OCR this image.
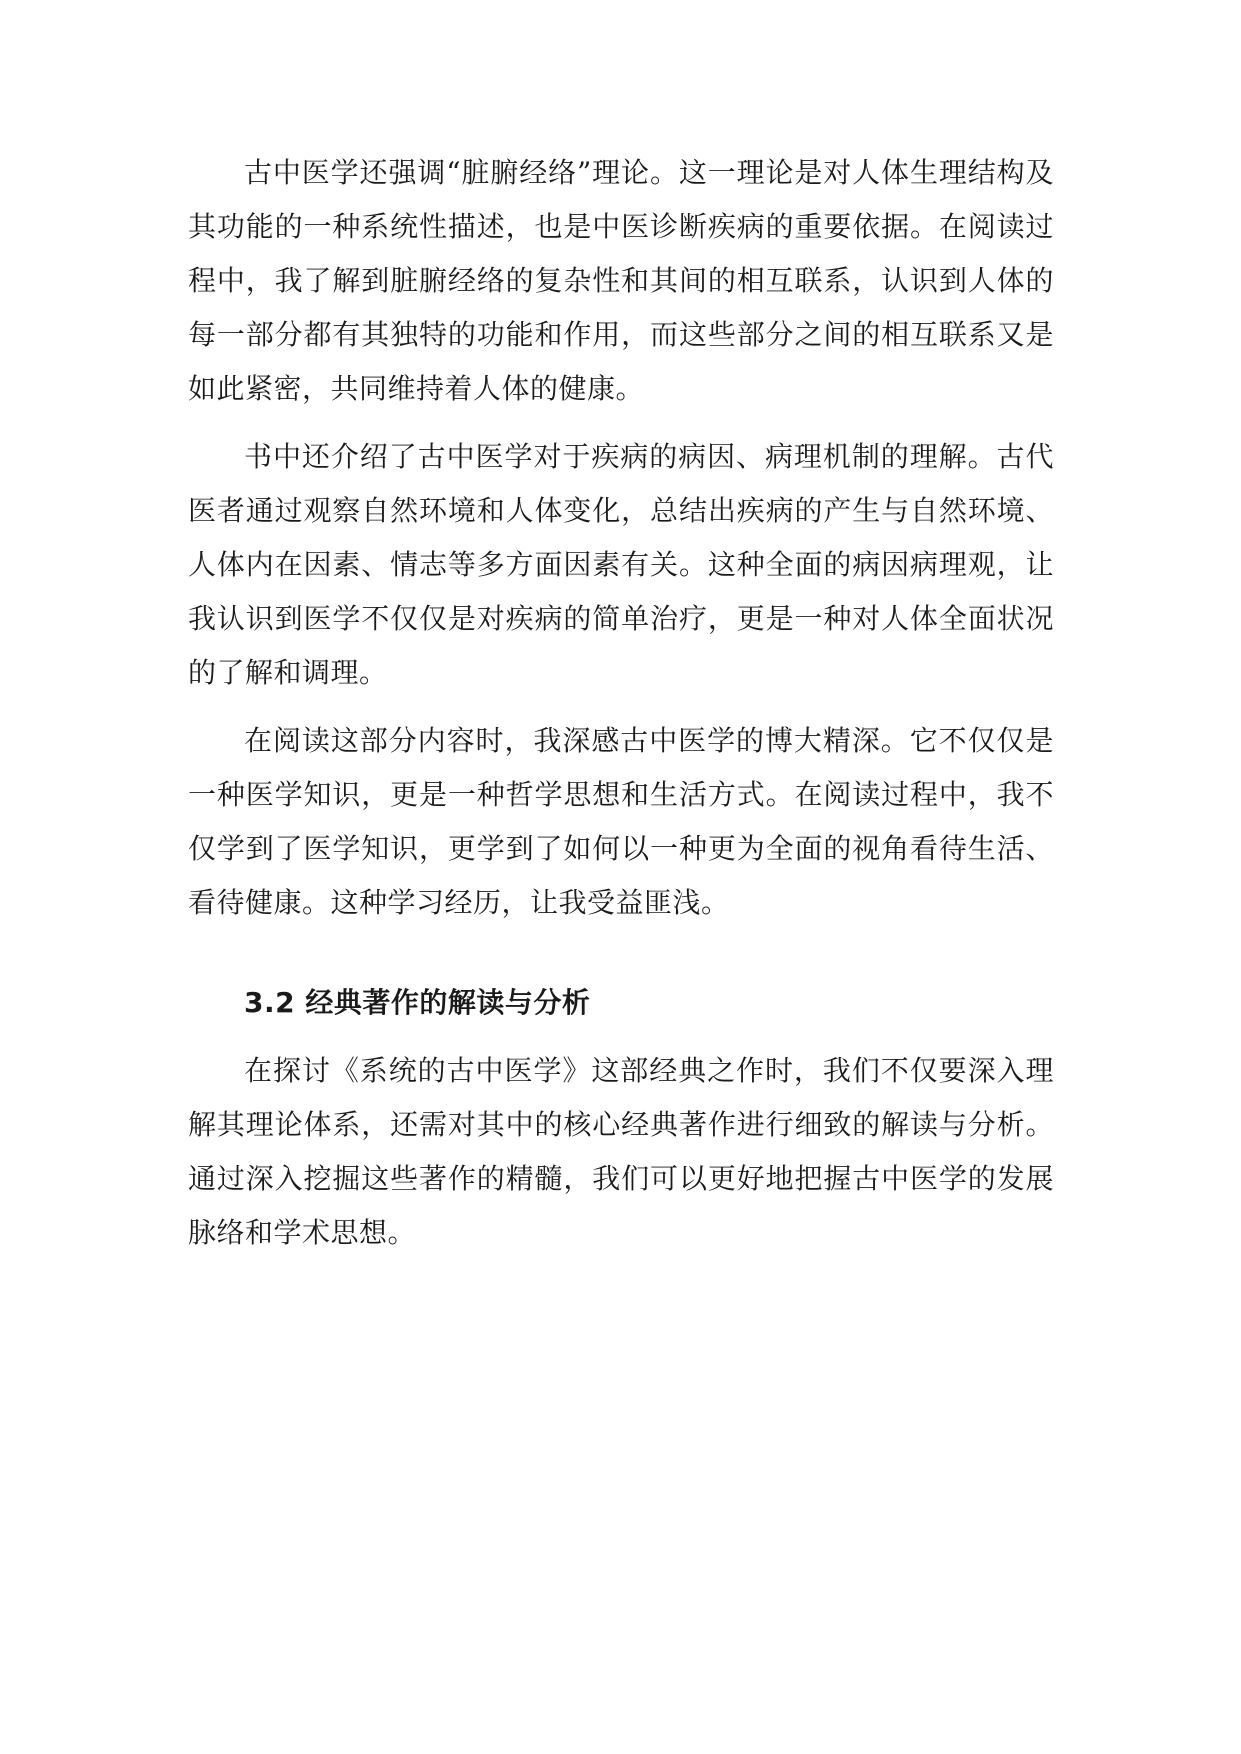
古中医学还强调“脏腑经络”理论。这一理论是对人体生理结构及其功能的一种系统性描述，也是中医诊断疾病的重要依据。在阅读过程中，我了解到脏腑经络的复杂性和其间的相互联系，认识到人体的每一部分都有其独特的功能和作用，而这些部分之间的相互联系又是如此紧密，共同维持着人体的健康。

书中还介绍了古中医学对于疾病的病因、病理机制的理解。古代医者通过观察自然环境和人体变化，总结出疾病的产生与自然环境、人体内在因素、情志等多方面因素有关。这种全面的病因病理观，让我认识到医学不仅仅是对疾病的简单治疗，更是一种对人体全面状况的了解和调理。

在阅读这部分内容时，我深感古中医学的博大精深。它不仅仅是一种医学知识，更是一种哲学思想和生活方式。在阅读过程中，我不仅学到了医学知识，更学到了如何以一种更为全面的视角看待生活、看待健康。这种学习经历，让我受益匪浅。

3.2 经典著作的解读与分析

在探讨《系统的古中医学》这部经典之作时，我们不仅要深入理解其理论体系，还需对其中的核心经典著作进行细致的解读与分析。通过深入挖掘这些著作的精髓，我们可以更好地把握古中医学的发展脉络和学术思想。
